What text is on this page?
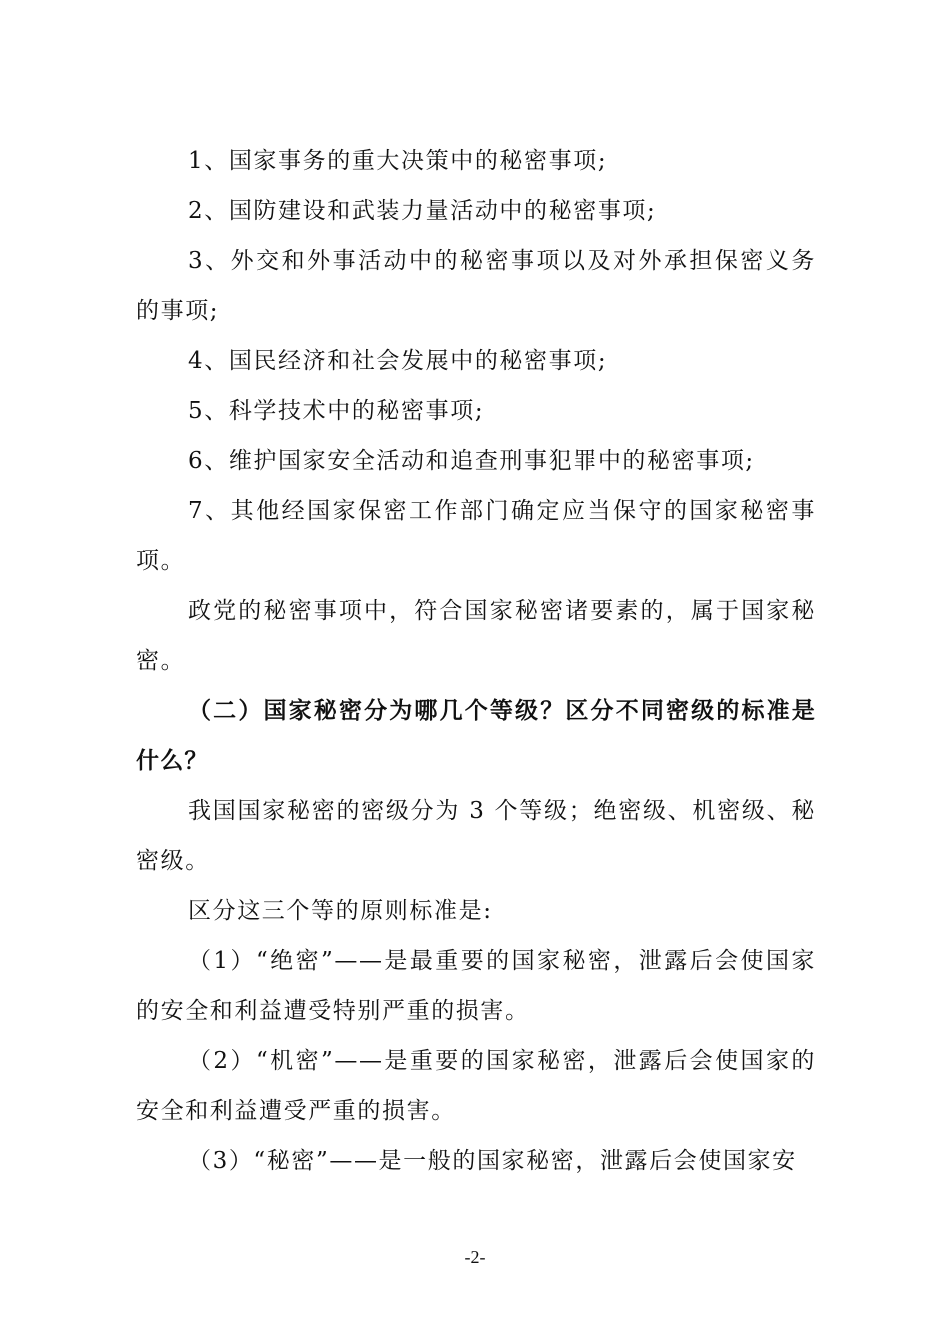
1、国家事务的重大决策中的秘密事项;

2、国防建设和武装力量活动中的秘密事项;

3、外交和外事活动中的秘密事项以及对外承担保密义务的事项;

4、国民经济和社会发展中的秘密事项;

5、科学技术中的秘密事项;

6、维护国家安全活动和追查刑事犯罪中的秘密事项;

7、其他经国家保密工作部门确定应当保守的国家秘密事项。

政党的秘密事项中，符合国家秘密诸要素的，属于国家秘密。

（二）国家秘密分为哪几个等级？区分不同密级的标准是什么？

我国国家秘密的密级分为 3 个等级；绝密级、机密级、秘密级。

区分这三个等的原则标准是:

（1）“绝密”——是最重要的国家秘密，泄露后会使国家的安全和利益遭受特别严重的损害。

（2）“机密”——是重要的国家秘密，泄露后会使国家的安全和利益遭受严重的损害。

（3）“秘密”——是一般的国家秘密，泄露后会使国家安

-2-
